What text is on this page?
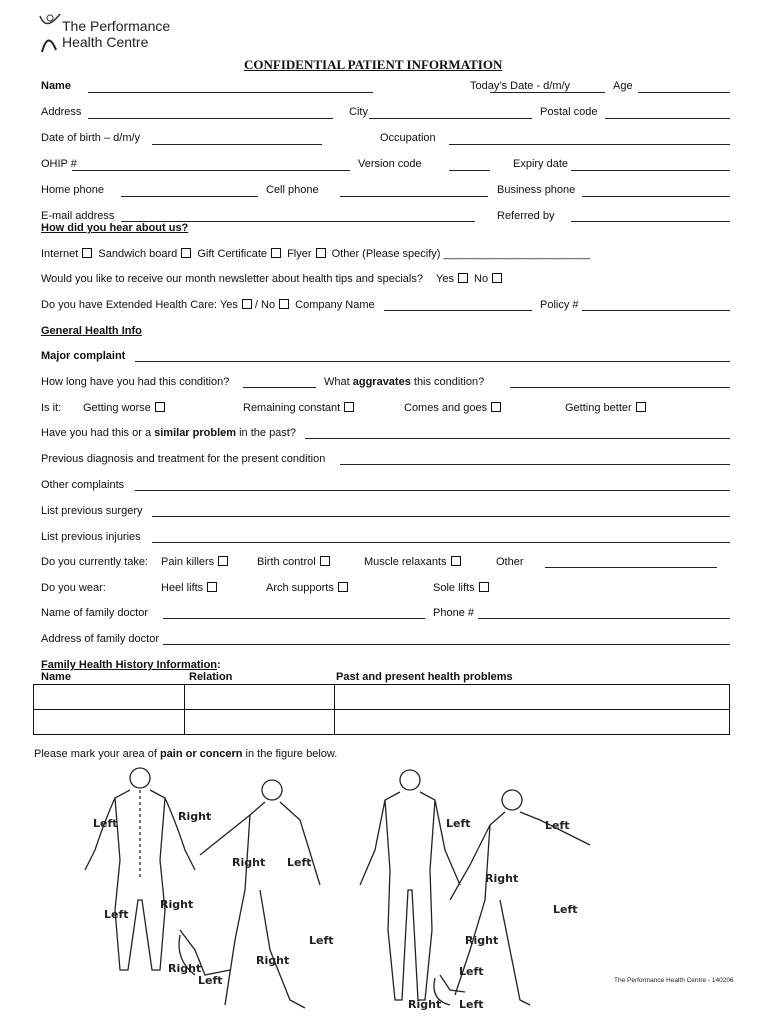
The Performance
Health Centre
CONFIDENTIAL PATIENT INFORMATION
Name	Today’s Date - d/m/y	Age
Address	City	Postal code
Date of birth – d/m/y	Occupation
OHIP #	Version code	Expiry date
Home phone	Cell phone	Business phone
E-mail address	Referred by
How did you hear about us?
Internet Sandwich board Gift Certificate Flyer Other (Please specify) ________________________
Would you like to receive our month newsletter about health tips and specials? Yes No
Do you have Extended Health Care: Yes / No Company Name	Policy #
General Health Info
Major complaint
How long have you had this condition?	What aggravates this condition?
Is it: Getting worse	Remaining constant	Comes and goes	Getting better
Have you had this or a similar problem in the past?
Previous diagnosis and treatment for the present condition
Other complaints
List previous surgery
List previous injuries
Do you currently take: Pain killers	Birth control	Muscle relaxants	Other
Do you wear:	Heel lifts	Arch supports	Sole lifts
Name of family doctor	Phone #
Address of family doctor
Family Health History Information:
Name	Relation	Past and present health problems

Please mark your area of pain or concern in the figure below.
Left
Right
Right Left
Left
Right
Left
Right
Right
Left
Left	Left
Right
Left
Right
Left
Right Left
The Performance Health Centre - 140206
